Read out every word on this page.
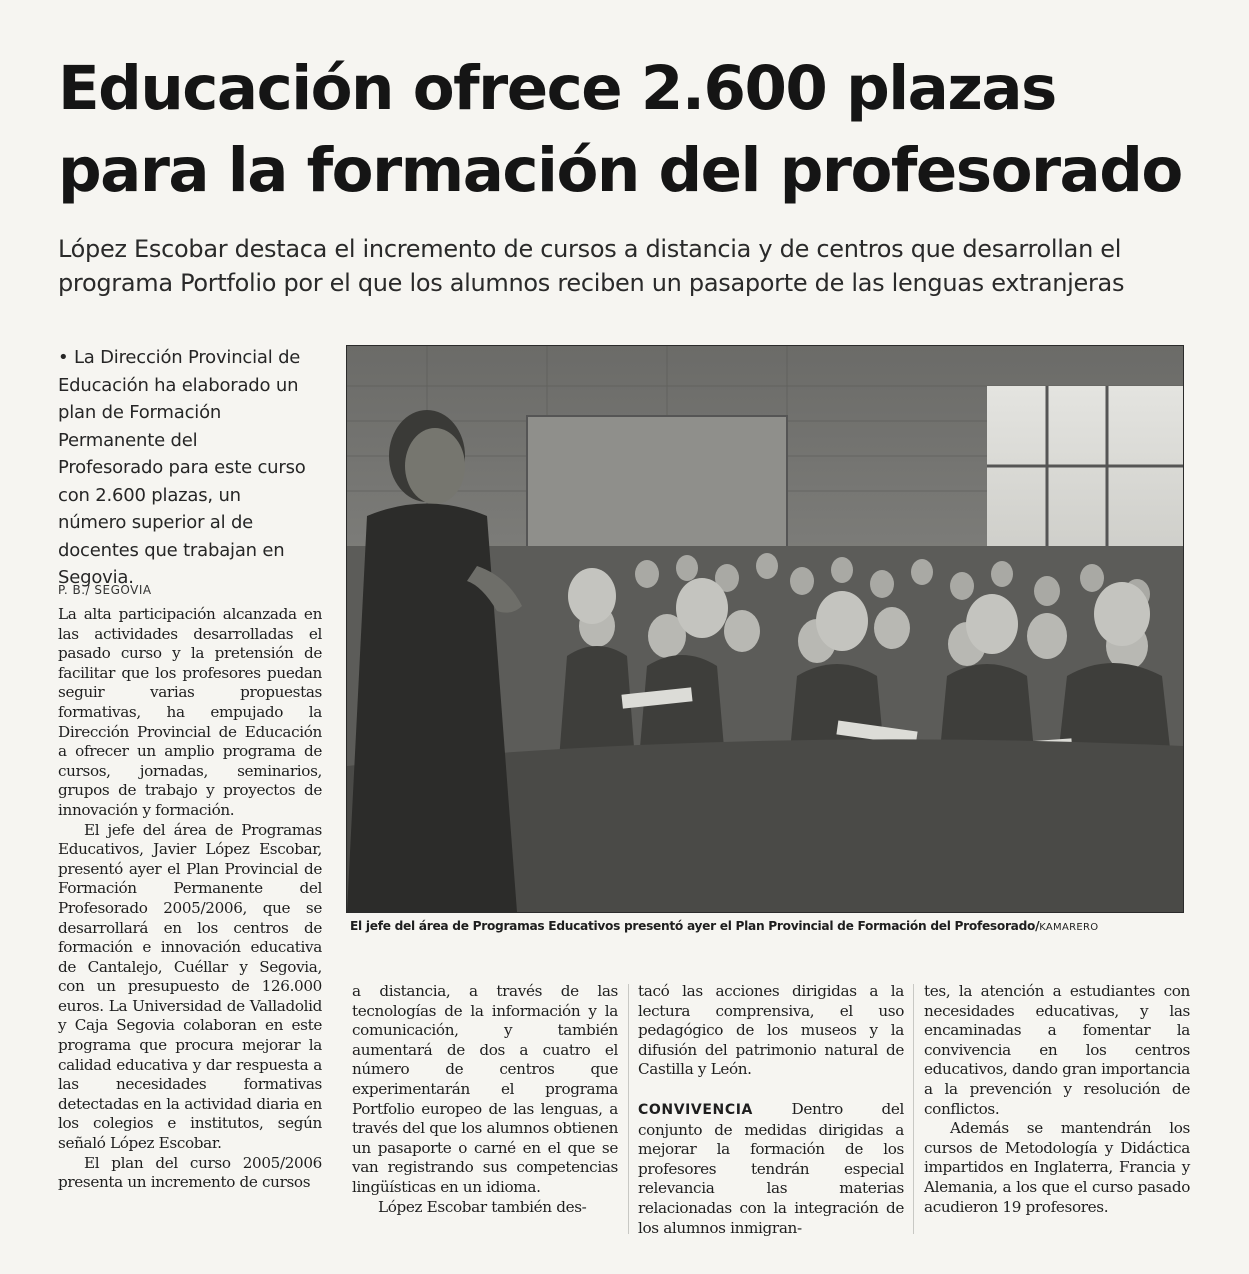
Educación ofrece 2.600 plazas
para la formación del profesorado

López Escobar destaca el incremento de cursos a distancia y de centros que desarrollan el programa Portfolio por el que los alumnos reciben un pasaporte de las lenguas extranjeras

• La Dirección Provincial de Educación ha elaborado un plan de Formación Permanente del Profesorado para este curso con 2.600 plazas, un número superior al de docentes que trabajan en Segovia.

P. B./ SEGOVIA

La alta participación alcanzada en las actividades desarrolladas el pasado curso y la pretensión de facilitar que los profesores puedan seguir varias propuestas formativas, ha empujado la Dirección Provincial de Educación a ofrecer un amplio programa de cursos, jornadas, seminarios, grupos de trabajo y proyectos de innovación y formación.

El jefe del área de Programas Educativos, Javier López Escobar, presentó ayer el Plan Provincial de Formación Permanente del Profesorado 2005/2006, que se desarrollará en los centros de formación e innovación educativa de Cantalejo, Cuéllar y Segovia, con un presupuesto de 126.000 euros. La Universidad de Valladolid y Caja Segovia colaboran en este programa que procura mejorar la calidad educativa y dar respuesta a las necesidades formativas detectadas en la actividad diaria en los colegios e institutos, según señaló López Escobar.

El plan del curso 2005/2006 presenta un incremento de cursos

El jefe del área de Programas Educativos presentó ayer el Plan Provincial de Formación del Profesorado/KAMARERO

a distancia, a través de las tecnologías de la información y la comunicación, y también aumentará de dos a cuatro el número de centros que experimentarán el programa Portfolio europeo de las lenguas, a través del que los alumnos obtienen un pasaporte o carné en el que se van registrando sus competencias lingüísticas en un idioma.

López Escobar también des-

tacó las acciones dirigidas a la lectura comprensiva, el uso pedagógico de los museos y la difusión del patrimonio natural de Castilla y León.

CONVIVENCIA Dentro del conjunto de medidas dirigidas a mejorar la formación de los profesores tendrán especial relevancia las materias relacionadas con la integración de los alumnos inmigran-

tes, la atención a estudiantes con necesidades educativas, y las encaminadas a fomentar la convivencia en los centros educativos, dando gran importancia a la prevención y resolución de conflictos.

Además se mantendrán los cursos de Metodología y Didáctica impartidos en Inglaterra, Francia y Alemania, a los que el curso pasado acudieron 19 profesores.
